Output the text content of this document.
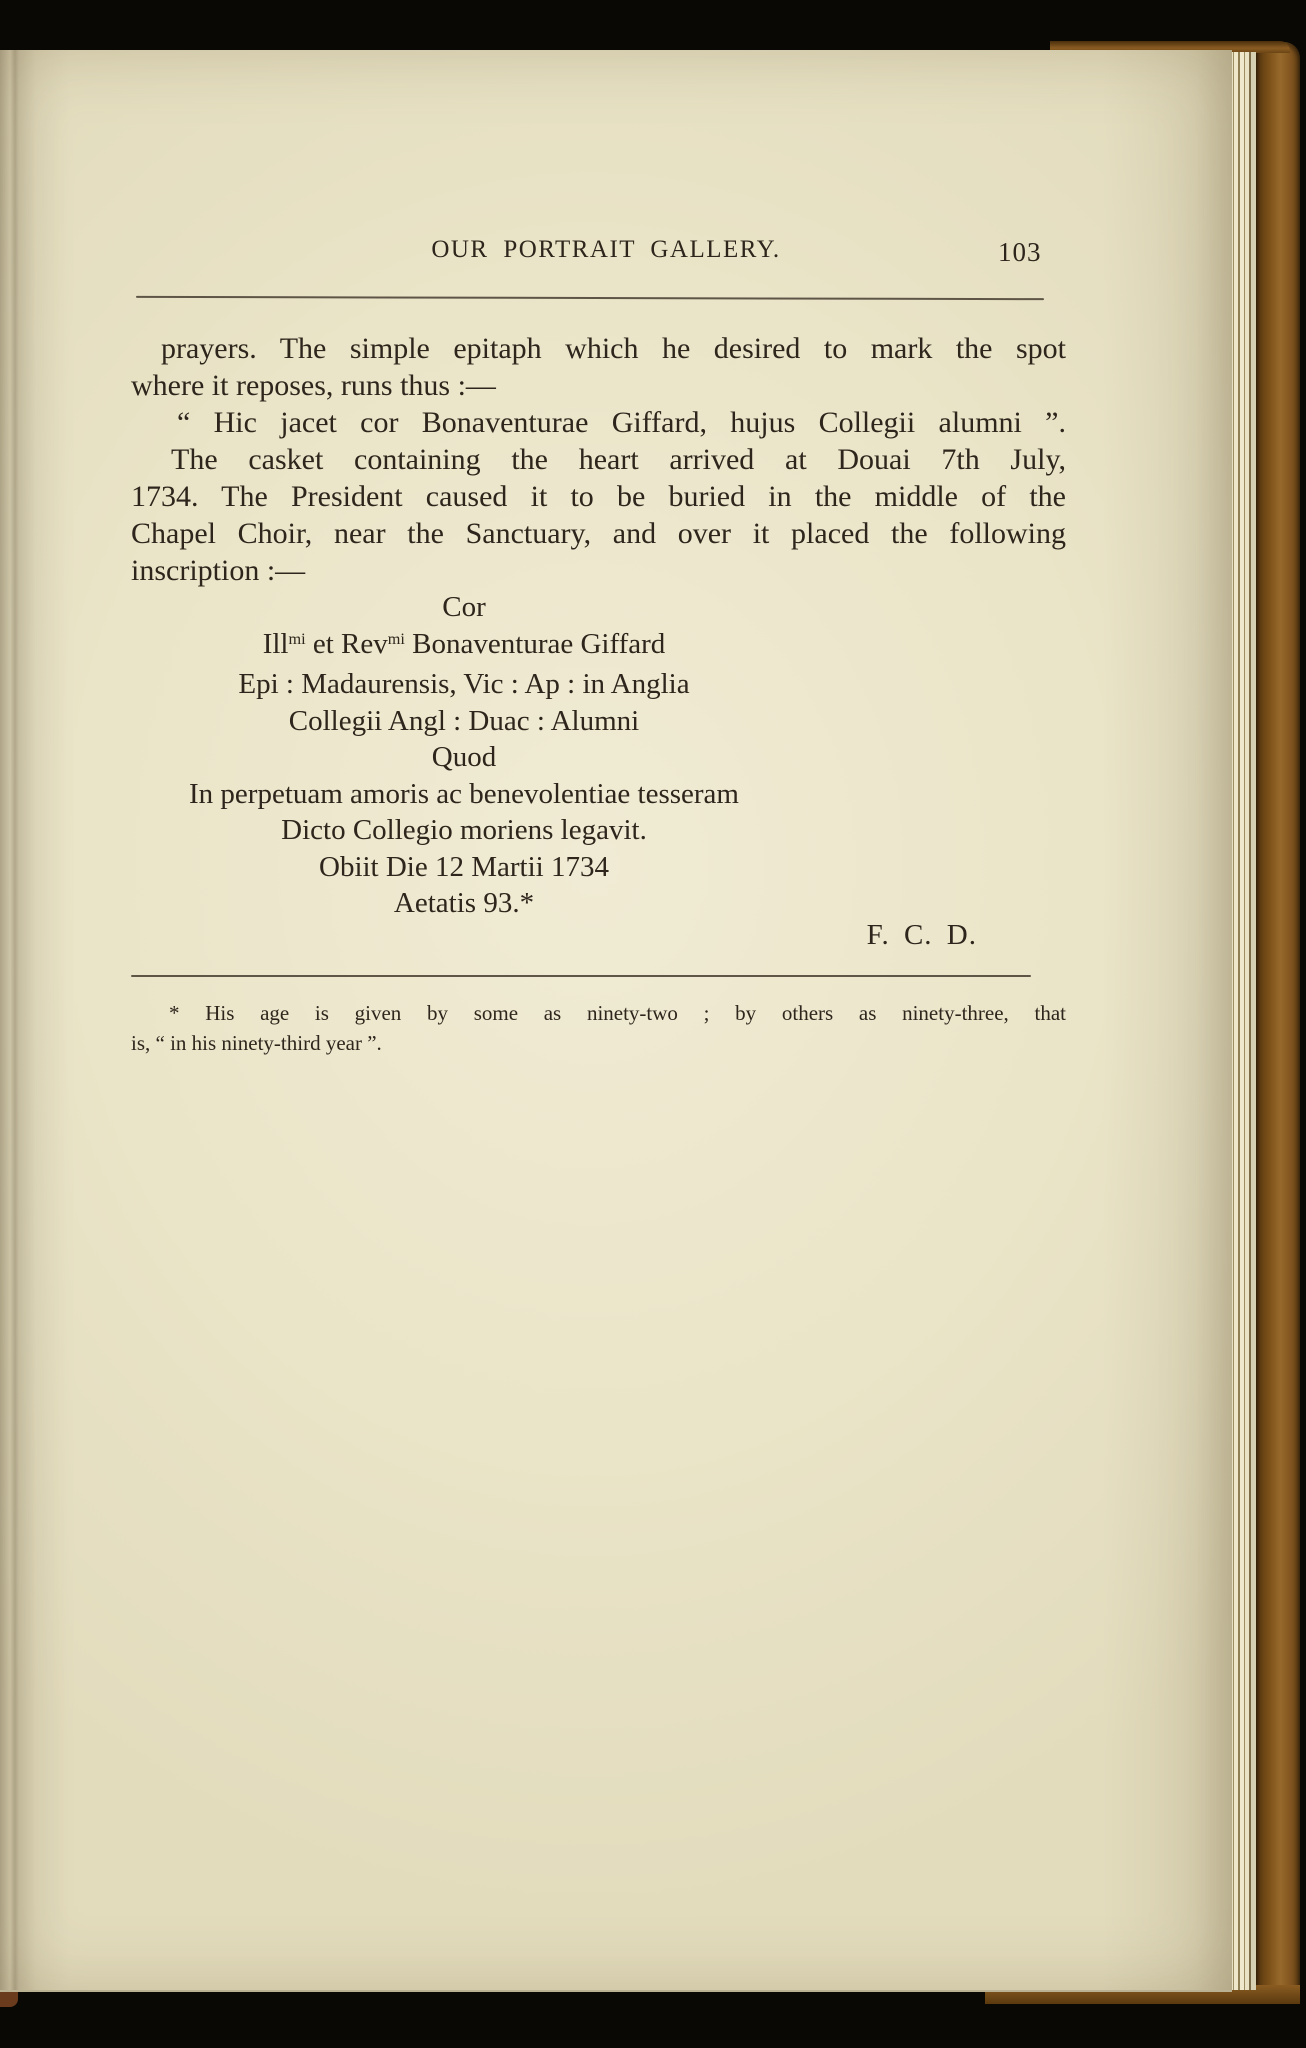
OUR PORTRAIT GALLERY.	103
prayers. The simple epitaph which he desired to mark the spot
where it reposes, runs thus :—
“ Hic jacet cor Bonaventurae Giffard, hujus Collegii alumni ”.
The casket containing the heart arrived at Douai 7th July,
1734. The President caused it to be buried in the middle of the
Chapel Choir, near the Sanctuary, and over it placed the following
inscription :—
Cor
Ill$^{mi}$ et Rev$^{mi}$ Bonaventurae Giffard
Epi : Madaurensis, Vic : Ap : in Anglia
Collegii Angl : Duac : Alumni
Quod
In perpetuam amoris ac benevolentiae tesseram
Dicto Collegio moriens legavit.
Obiit Die 12 Martii 1734
Aetatis 93.*
F. C. D.
* His age is given by some as ninety-two ; by others as ninety-three, that
is, “ in his ninety-third year ”.
